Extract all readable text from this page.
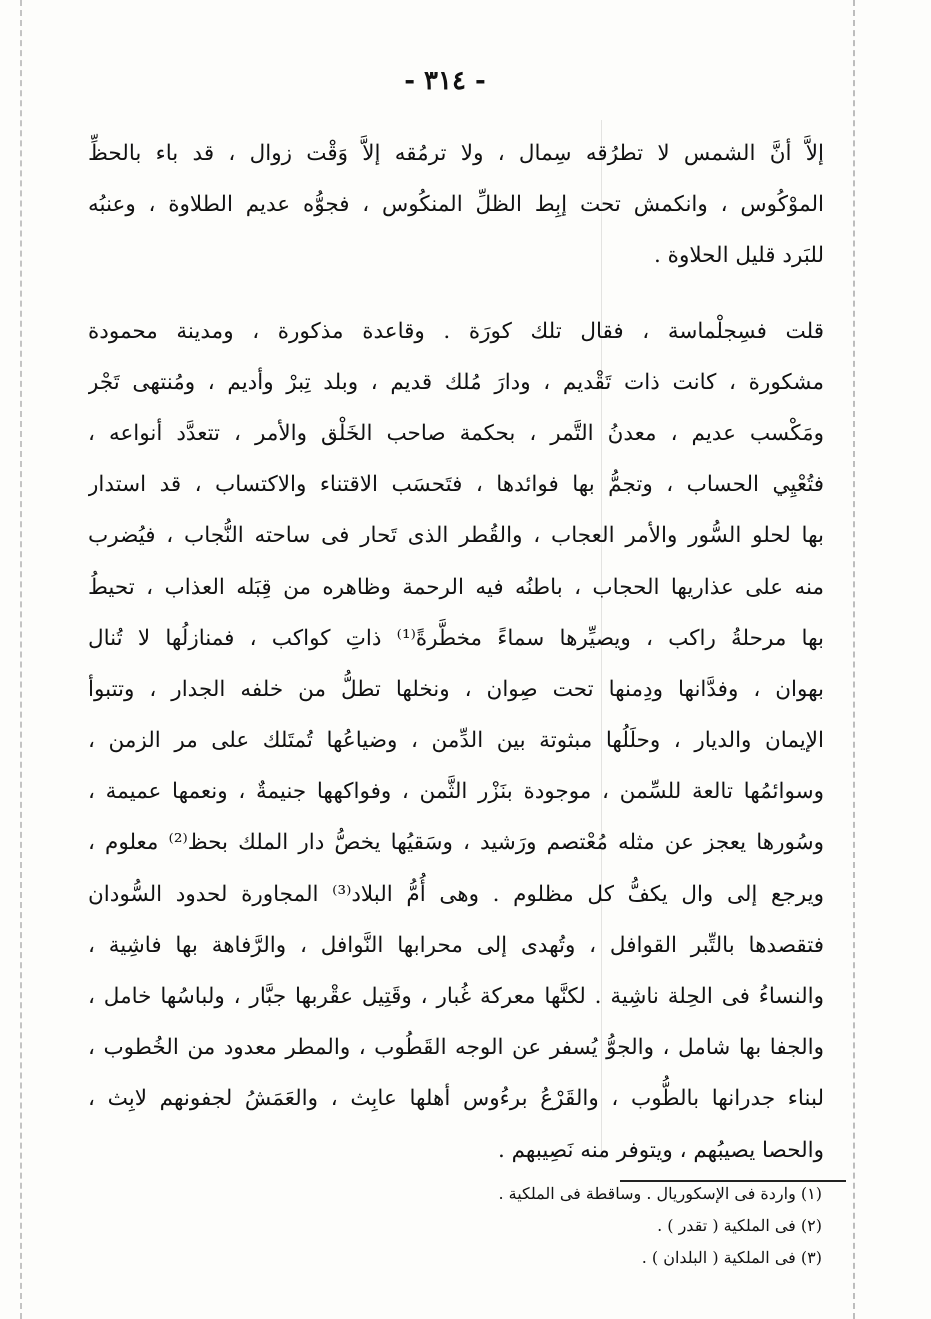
- ٣١٤ -
إلاَّ أنَّ الشمس لا تطرُقه سِمال ، ولا ترمُقه إلاَّ وَقْت زوال ، قد باء بالحظِّ
الموْكُوس ، وانكمش تحت إبِط الظلِّ المنكُوس ، فجوُّه عديم الطلاوة ، وعنبُه
للبَرد قليل الحلاوة .
قلت فسِجلْماسة ، فقال تلك كورَة . وقاعدة مذكورة ، ومدينة محمودة
مشكورة ، كانت ذات تَقْديم ، ودارَ مُلك قديم ، وبلد تِبرْ وأديم ، ومُنتهى تَجْر
ومَكْسب عديم ، معدنُ التَّمر ، بحكمة صاحب الخَلْق والأمر ، تتعدَّد أنواعه ،
فتُعْيِي الحساب ، وتجمُّ بها فوائدها ، فتَحسَب الاقتناء والاكتساب ، قد استدار
بها لحلو السُّور والأمر العجاب ، والقُطر الذى تَحار فى ساحته النُّجاب ، فيُضرب
منه على عذاريها الحجاب ، باطنُه فيه الرحمة وظاهره من قِبَله العذاب ، تحيطُ
بها مرحلةُ راكب ، ويصيِّرها سماءً مخطَّرةً⁽¹⁾ ذاتِ كواكب ، فمنازلُها لا تُنال
بهوان ، وفدَّانها ودِمنها تحت صِوان ، ونخلها تطلُّ من خلفه الجدار ، وتتبوأ
الإيمان والديار ، وحلَلُها مبثوتة بين الدِّمن ، وضياعُها تُمتَلك على مر الزمن ،
وسوائمُها تالعة للسِّمن ، موجودة بنَزْر الثَّمن ، وفواكهها جنيمةٌ ، ونعمها عميمة ،
وسُورها يعجز عن مثله مُعْتصم ورَشيد ، وسَقيُها يخصُّ دار الملك بحظ⁽²⁾ معلوم ،
ويرجع إلى وال يكفُّ كل مظلوم . وهى أُمُّ البلاد⁽³⁾ المجاورة لحدود السُّودان
فتقصدها بالتِّبر القوافل ، وتُهدى إلى محرابها النَّوافل ، والرَّفاهة بها فاشِية ،
والنساءُ فى الحِلة ناشِية . لكنَّها معركة غُبار ، وقَتِيل عقْربها جبَّار ، ولباسُها خامل ،
والجفا بها شامل ، والجوُّ يُسفر عن الوجه القَطُوب ، والمطر معدود من الخُطوب ،
لبناء جدرانها بالطُّوب ، والقَرْعُ برءُوس أهلها عابِث ، والعَمَشُ لجفونهم لابِث ،
والحصا يصيبُهم ، ويتوفر منه نَصِيبهم .
(١) واردة فى الإسكوريال . وساقطة فى الملكية .
(٢) فى الملكية ( تقدر ) .
(٣) فى الملكية ( البلدان ) .
